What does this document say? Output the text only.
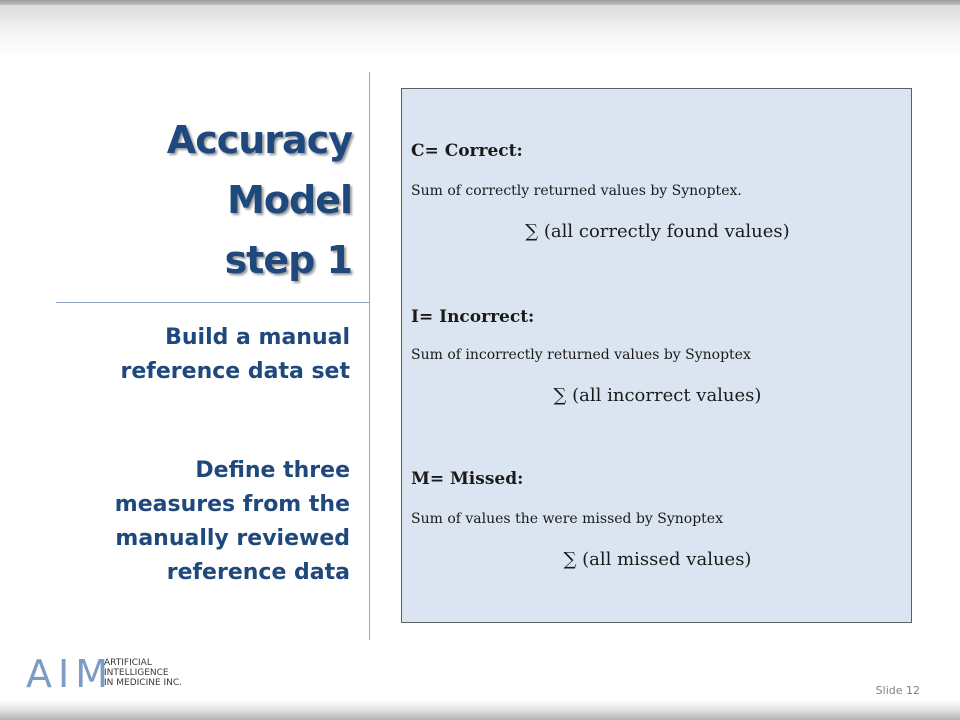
Accuracy
Model
step 1
Build a manual
reference data set
Define three
measures from the
manually reviewed
reference data
C= Correct:
Sum of correctly returned values by Synoptex.
∑ (all correctly found values)
I= Incorrect:
Sum of incorrectly returned values by Synoptex
∑ (all incorrect values)
M= Missed:
Sum of values the were missed by Synoptex
∑ (all missed values)
AIM
ARTIFICIAL
INTELLIGENCE
IN MEDICINE INC.
Slide 12
